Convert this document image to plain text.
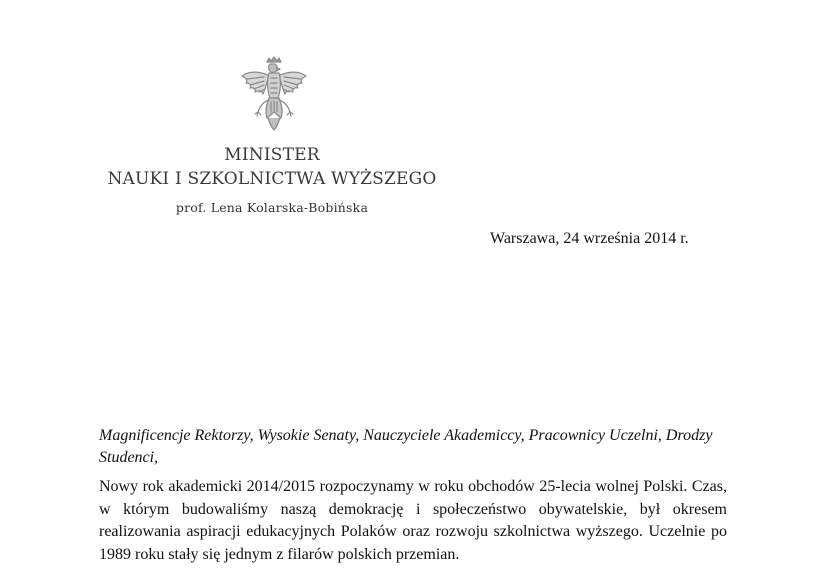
MINISTER
NAUKI I SZKOLNICTWA WYŻSZEGO
prof. Lena Kolarska-Bobińska
Warszawa, 24 września 2014 r.
Magnificencje Rektorzy, Wysokie Senaty, Nauczyciele Akademiccy, Pracownicy Uczelni, Drodzy Studenci,
Nowy rok akademicki 2014/2015 rozpoczynamy w roku obchodów 25-lecia wolnej Polski. Czas, w którym budowaliśmy naszą demokrację i społeczeństwo obywatelskie, był okresem realizowania aspiracji edukacyjnych Polaków oraz rozwoju szkolnictwa wyższego. Uczelnie po 1989 roku stały się jednym z filarów polskich przemian.
